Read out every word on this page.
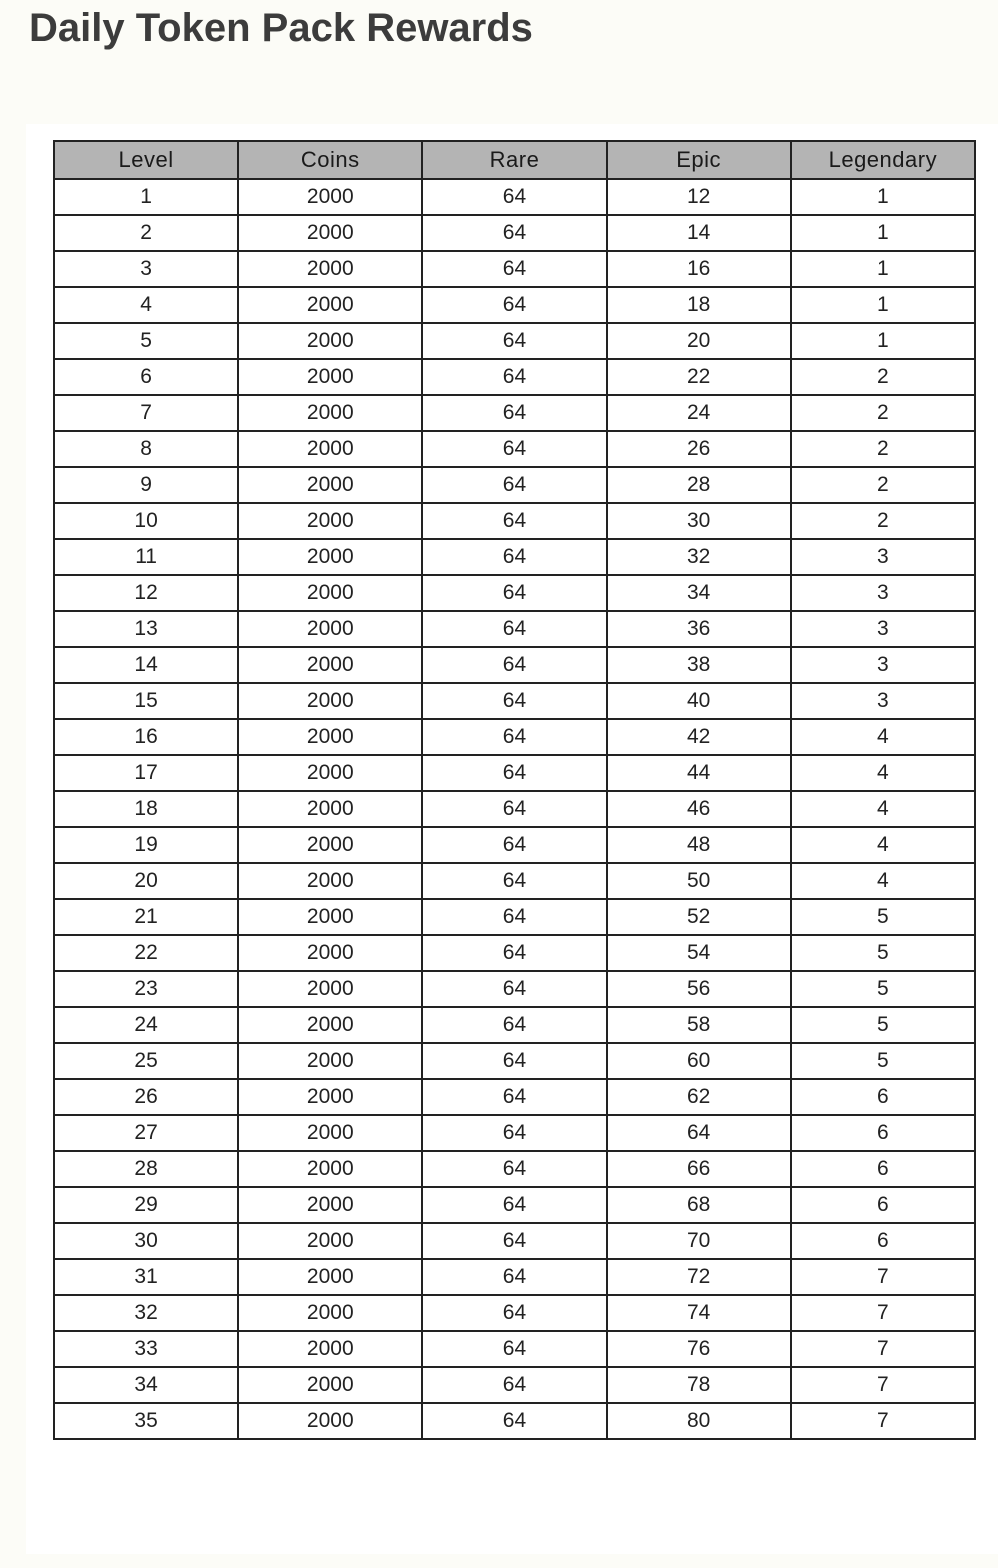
Daily Token Pack Rewards
Level	Coins	Rare	Epic	Legendary
1	2000	64	12	1
2	2000	64	14	1
3	2000	64	16	1
4	2000	64	18	1
5	2000	64	20	1
6	2000	64	22	2
7	2000	64	24	2
8	2000	64	26	2
9	2000	64	28	2
10	2000	64	30	2
11	2000	64	32	3
12	2000	64	34	3
13	2000	64	36	3
14	2000	64	38	3
15	2000	64	40	3
16	2000	64	42	4
17	2000	64	44	4
18	2000	64	46	4
19	2000	64	48	4
20	2000	64	50	4
21	2000	64	52	5
22	2000	64	54	5
23	2000	64	56	5
24	2000	64	58	5
25	2000	64	60	5
26	2000	64	62	6
27	2000	64	64	6
28	2000	64	66	6
29	2000	64	68	6
30	2000	64	70	6
31	2000	64	72	7
32	2000	64	74	7
33	2000	64	76	7
34	2000	64	78	7
35	2000	64	80	7
